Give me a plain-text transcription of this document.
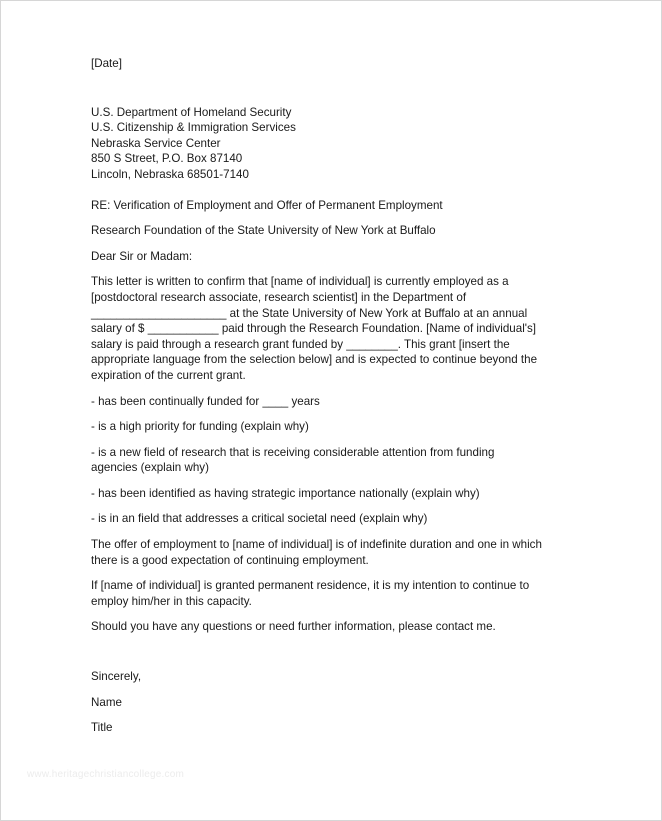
[Date]
U.S. Department of Homeland Security
U.S. Citizenship & Immigration Services
Nebraska Service Center
850 S Street, P.O. Box 87140
Lincoln, Nebraska 68501-7140
RE: Verification of Employment and Offer of Permanent Employment
Research Foundation of the State University of New York at Buffalo
Dear Sir or Madam:
This letter is written to confirm that [name of individual] is currently employed as a
[postdoctoral research associate, research scientist] in the Department of
_____________________ at the State University of New York at Buffalo at an annual
salary of $ ___________ paid through the Research Foundation. [Name of individual's]
salary is paid through a research grant funded by ________. This grant [insert the
appropriate language from the selection below] and is expected to continue beyond the
expiration of the current grant.
- has been continually funded for ____ years
- is a high priority for funding (explain why)
- is a new field of research that is receiving considerable attention from funding
agencies (explain why)
- has been identified as having strategic importance nationally (explain why)
- is in an field that addresses a critical societal need (explain why)
The offer of employment to [name of individual] is of indefinite duration and one in which
there is a good expectation of continuing employment.
If [name of individual] is granted permanent residence, it is my intention to continue to
employ him/her in this capacity.
Should you have any questions or need further information, please contact me.
Sincerely,
Name
Title
www.heritagechristiancollege.com
